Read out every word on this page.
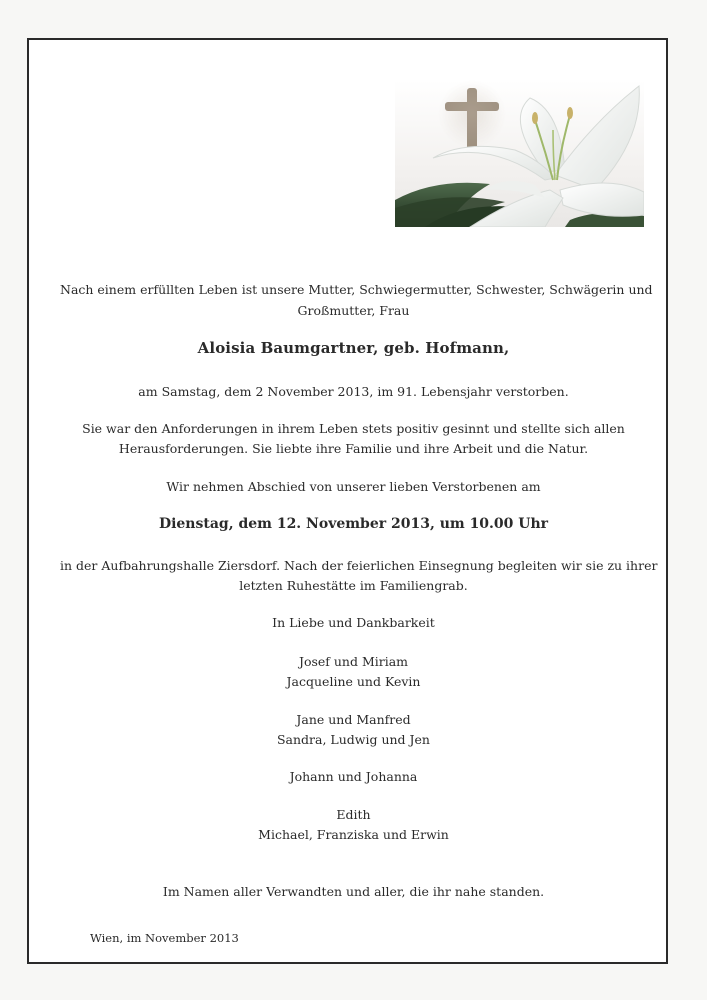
Nach einem erfüllten Leben ist unsere Mutter, Schwiegermutter, Schwester, Schwägerin und
Großmutter, Frau
Aloisia Baumgartner, geb. Hofmann,
am Samstag, dem 2 November 2013, im 91. Lebensjahr verstorben.
Sie war den Anforderungen in ihrem Leben stets positiv gesinnt und stellte sich allen
Herausforderungen. Sie liebte ihre Familie und ihre Arbeit und die Natur.
Wir nehmen Abschied von unserer lieben Verstorbenen am
Dienstag, dem 12. November 2013, um 10.00 Uhr
in der Aufbahrungshalle Ziersdorf. Nach der feierlichen Einsegnung begleiten wir sie zu ihrer
letzten Ruhestätte im Familiengrab.
In Liebe und Dankbarkeit
Josef und Miriam
Jacqueline und Kevin
Jane und Manfred
Sandra, Ludwig und Jen
Johann und Johanna
Edith
Michael, Franziska und Erwin
Im Namen aller Verwandten und aller, die ihr nahe standen.
Wien, im November 2013
